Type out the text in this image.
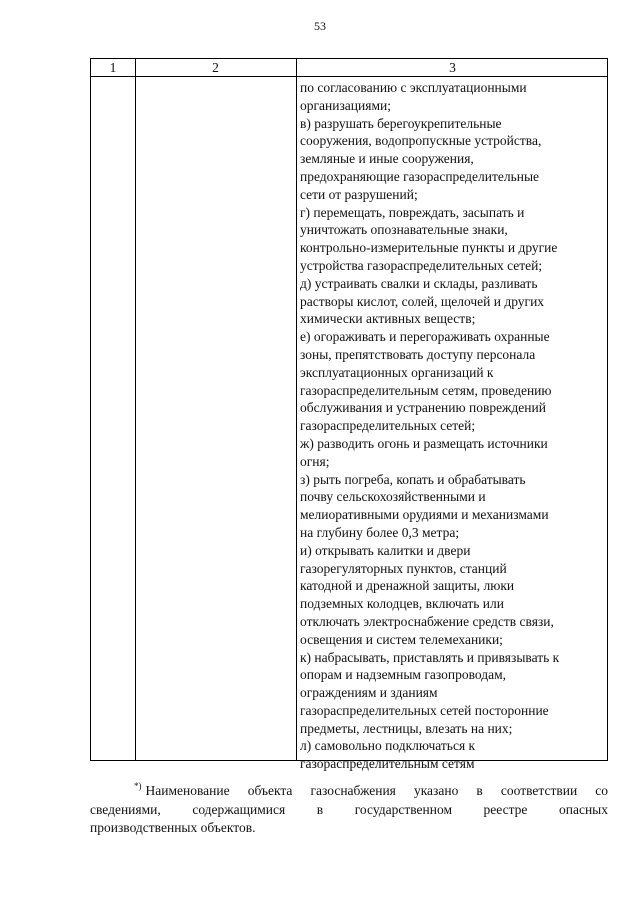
53
1	2	3
по согласованию с эксплуатационными
организациями;
в) разрушать берегоукрепительные
сооружения, водопропускные устройства,
земляные и иные сооружения,
предохраняющие газораспределительные
сети от разрушений;
г) перемещать, повреждать, засыпать и
уничтожать опознавательные знаки,
контрольно-измерительные пункты и другие
устройства газораспределительных сетей;
д) устраивать свалки и склады, разливать
растворы кислот, солей, щелочей и других
химически активных веществ;
е) огораживать и перегораживать охранные
зоны, препятствовать доступу персонала
эксплуатационных организаций к
газораспределительным сетям, проведению
обслуживания и устранению повреждений
газораспределительных сетей;
ж) разводить огонь и размещать источники
огня;
з) рыть погреба, копать и обрабатывать
почву сельскохозяйственными и
мелиоративными орудиями и механизмами
на глубину более 0,3 метра;
и) открывать калитки и двери
газорегуляторных пунктов, станций
катодной и дренажной защиты, люки
подземных колодцев, включать или
отключать электроснабжение средств связи,
освещения и систем телемеханики;
к) набрасывать, приставлять и привязывать к
опорам и надземным газопроводам,
ограждениям и зданиям
газораспределительных сетей посторонние
предметы, лестницы, влезать на них;
л) самовольно подключаться к
газораспределительным сетям
*) Наименование объекта газоснабжения указано в соответствии со
сведениями, содержащимися в государственном реестре опасных
производственных объектов.
